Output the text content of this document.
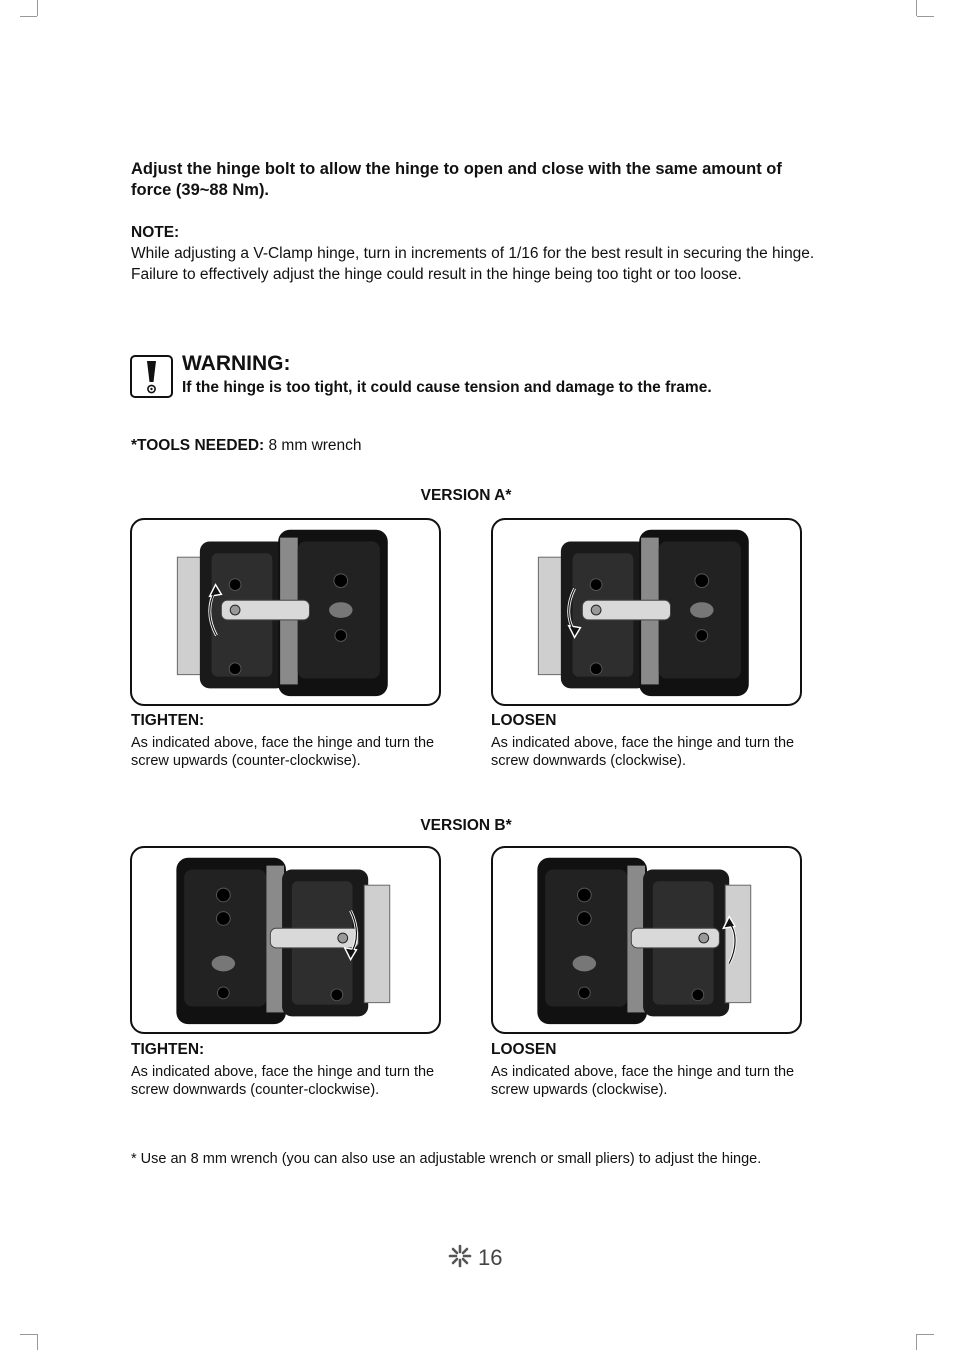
Adjust the hinge bolt to allow the hinge to open and close with the same amount of force (39~88 Nm).

NOTE:

While adjusting a V-Clamp hinge, turn in increments of 1/16 for the best result in securing the hinge. Failure to effectively adjust the hinge could result in the hinge being too tight or too loose.

WARNING:

If the hinge is too tight, it could cause tension and damage to the frame.

*TOOLS NEEDED: 8 mm wrench

VERSION A*

TIGHTEN:

As indicated above, face the hinge and turn the screw upwards (counter-clockwise).

LOOSEN

As indicated above, face the hinge and turn the screw downwards (clockwise).

VERSION B*

TIGHTEN:

As indicated above, face the hinge and turn the screw downwards (counter-clockwise).

LOOSEN

As indicated above, face the hinge and turn the screw upwards (clockwise).

* Use an 8 mm wrench (you can also use an adjustable wrench or small pliers) to adjust the hinge.

16
